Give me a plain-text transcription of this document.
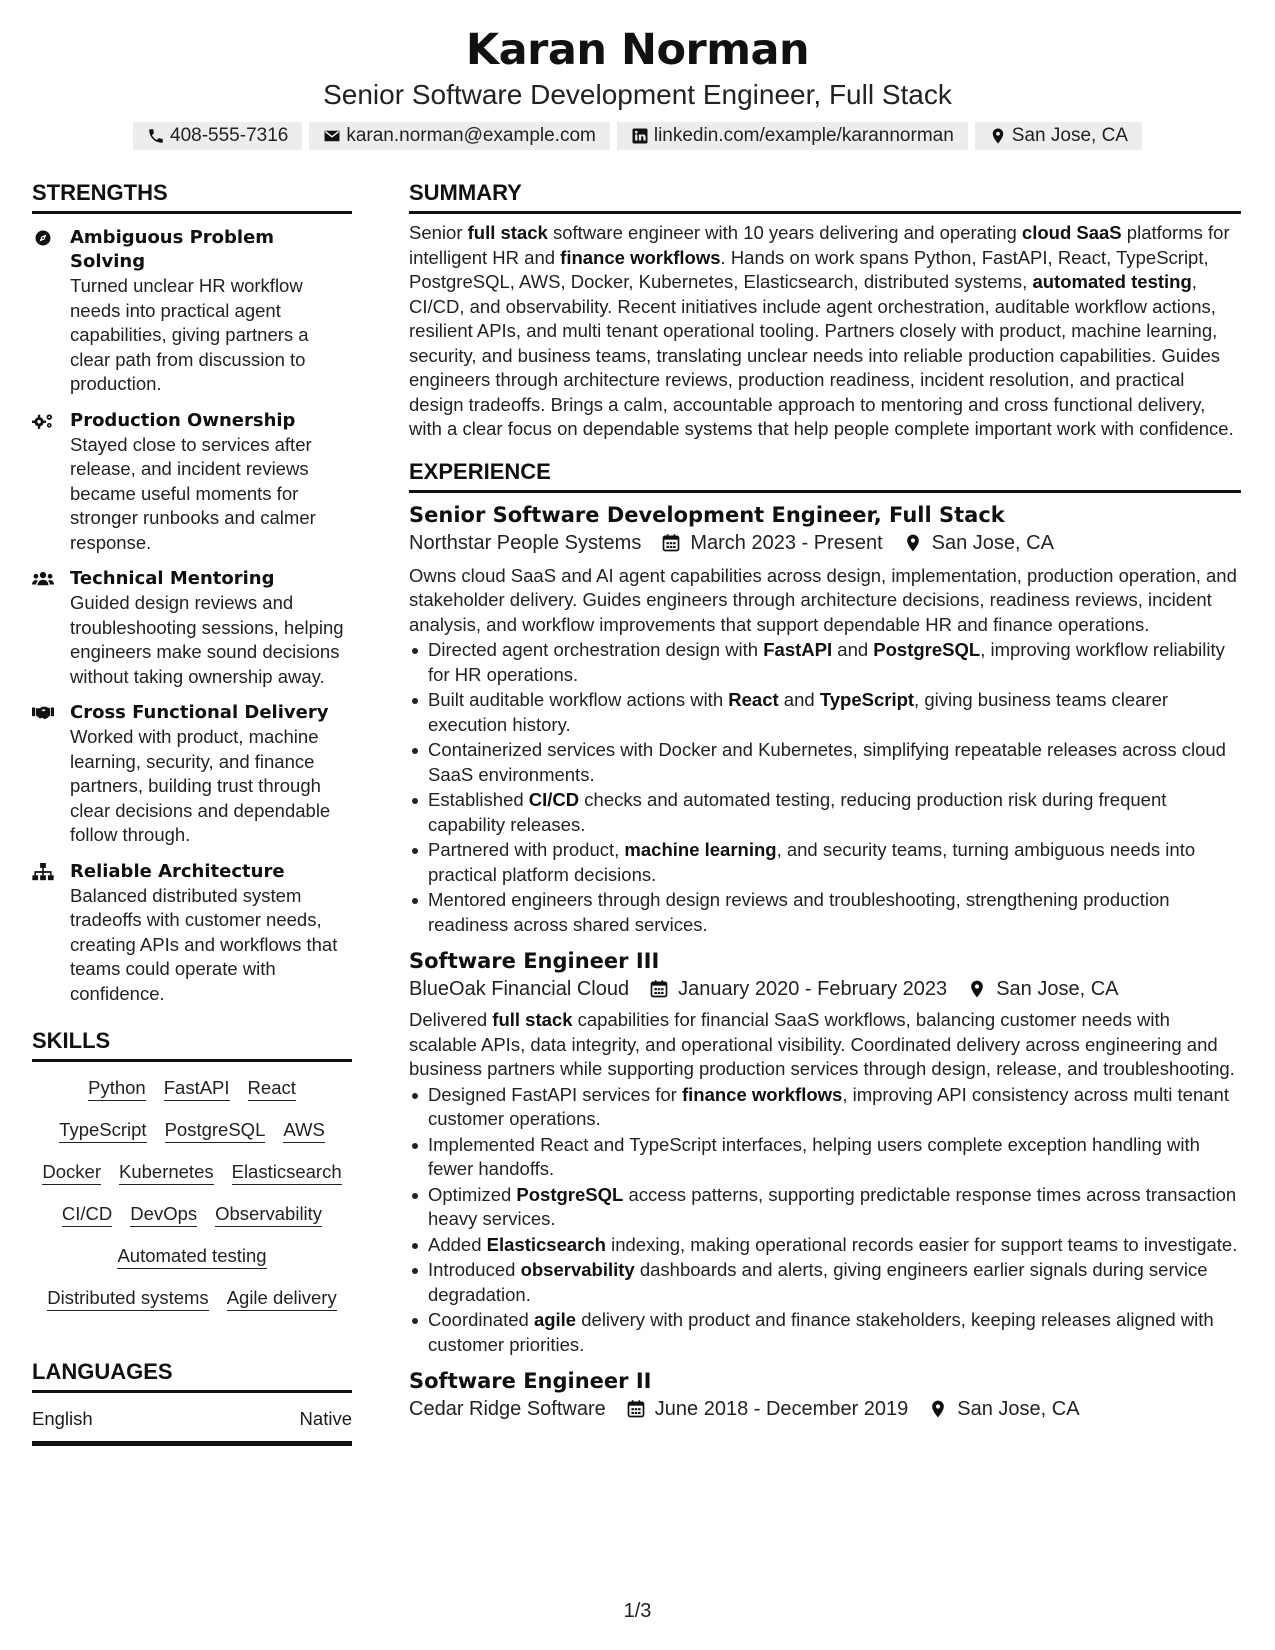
Karan Norman
Senior Software Development Engineer, Full Stack
408-555-7316	karan.norman@example.com	linkedin.com/example/karannorman	San Jose, CA
STRENGTHS
Ambiguous Problem Solving
Turned unclear HR workflow needs into practical agent capabilities, giving partners a clear path from discussion to production.
Production Ownership
Stayed close to services after release, and incident reviews became useful moments for stronger runbooks and calmer response.
Technical Mentoring
Guided design reviews and troubleshooting sessions, helping engineers make sound decisions without taking ownership away.
Cross Functional Delivery
Worked with product, machine learning, security, and finance partners, building trust through clear decisions and dependable follow through.
Reliable Architecture
Balanced distributed system tradeoffs with customer needs, creating APIs and workflows that teams could operate with confidence.
SKILLS
Python FastAPI React
TypeScript PostgreSQL AWS
Docker Kubernetes Elasticsearch
CI/CD DevOps Observability
Automated testing
Distributed systems Agile delivery
LANGUAGES
English	Native
SUMMARY
Senior full stack software engineer with 10 years delivering and operating cloud SaaS platforms for intelligent HR and finance workflows. Hands on work spans Python, FastAPI, React, TypeScript, PostgreSQL, AWS, Docker, Kubernetes, Elasticsearch, distributed systems, automated testing, CI/CD, and observability. Recent initiatives include agent orchestration, auditable workflow actions, resilient APIs, and multi tenant operational tooling. Partners closely with product, machine learning, security, and business teams, translating unclear needs into reliable production capabilities. Guides engineers through architecture reviews, production readiness, incident resolution, and practical design tradeoffs. Brings a calm, accountable approach to mentoring and cross functional delivery, with a clear focus on dependable systems that help people complete important work with confidence.
EXPERIENCE
Senior Software Development Engineer, Full Stack
Northstar People Systems March 2023 - Present San Jose, CA
Owns cloud SaaS and AI agent capabilities across design, implementation, production operation, and stakeholder delivery. Guides engineers through architecture decisions, readiness reviews, incident analysis, and workflow improvements that support dependable HR and finance operations.
Directed agent orchestration design with FastAPI and PostgreSQL, improving workflow reliability for HR operations.
Built auditable workflow actions with React and TypeScript, giving business teams clearer execution history.
Containerized services with Docker and Kubernetes, simplifying repeatable releases across cloud SaaS environments.
Established CI/CD checks and automated testing, reducing production risk during frequent capability releases.
Partnered with product, machine learning, and security teams, turning ambiguous needs into practical platform decisions.
Mentored engineers through design reviews and troubleshooting, strengthening production readiness across shared services.
Software Engineer III
BlueOak Financial Cloud January 2020 - February 2023 San Jose, CA
Delivered full stack capabilities for financial SaaS workflows, balancing customer needs with scalable APIs, data integrity, and operational visibility. Coordinated delivery across engineering and business partners while supporting production services through design, release, and troubleshooting.
Designed FastAPI services for finance workflows, improving API consistency across multi tenant customer operations.
Implemented React and TypeScript interfaces, helping users complete exception handling with fewer handoffs.
Optimized PostgreSQL access patterns, supporting predictable response times across transaction heavy services.
Added Elasticsearch indexing, making operational records easier for support teams to investigate.
Introduced observability dashboards and alerts, giving engineers earlier signals during service degradation.
Coordinated agile delivery with product and finance stakeholders, keeping releases aligned with customer priorities.
Software Engineer II
Cedar Ridge Software June 2018 - December 2019 San Jose, CA
1/3
